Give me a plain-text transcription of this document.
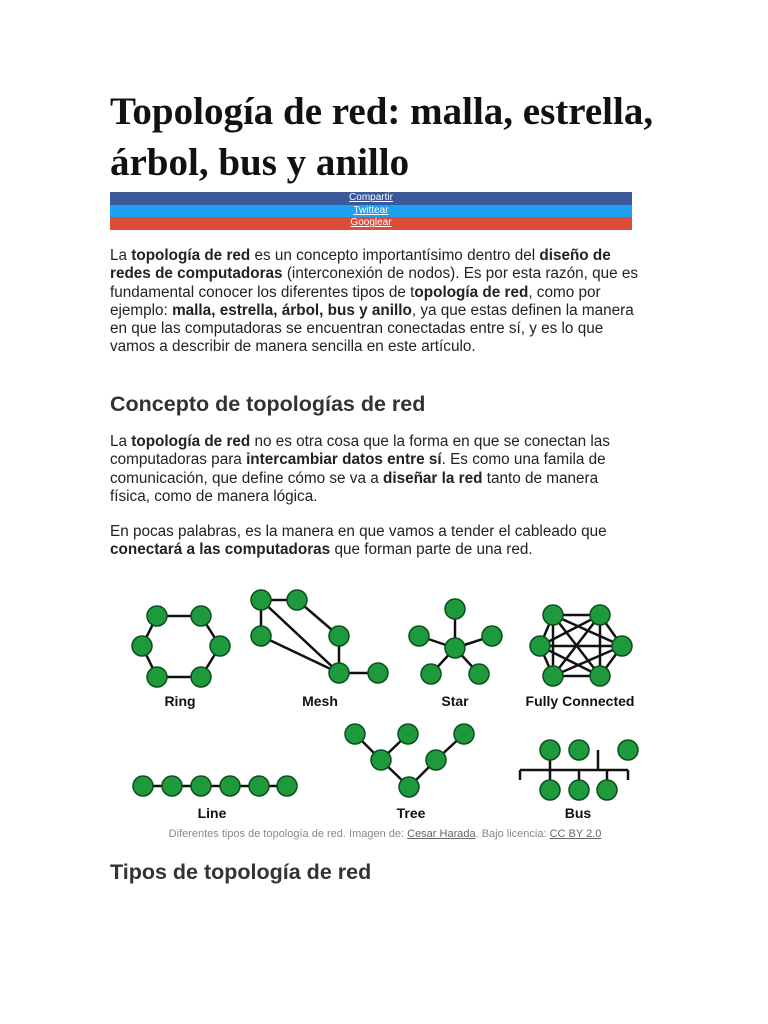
Topología de red: malla, estrella, árbol, bus y anillo
Compartir
Twittear
Googlear

La topología de red es un concepto importantísimo dentro del diseño de redes de computadoras (interconexión de nodos). Es por esta razón, que es fundamental conocer los diferentes tipos de topología de red, como por ejemplo: malla, estrella, árbol, bus y anillo, ya que estas definen la manera en que las computadoras se encuentran conectadas entre sí, y es lo que vamos a describir de manera sencilla en este artículo.

Concepto de topologías de red

La topología de red no es otra cosa que la forma en que se conectan las computadoras para intercambiar datos entre sí. Es como una famila de comunicación, que define cómo se va a diseñar la red tanto de manera física, como de manera lógica.

En pocas palabras, es la manera en que vamos a tender el cableado que conectará a las computadoras que forman parte de una red.

Ring	Mesh	Star	Fully Connected
Line	Tree	Bus
Diferentes tipos de topología de red. Imagen de: Cesar Harada. Bajo licencia: CC BY 2.0
Tipos de topología de red
